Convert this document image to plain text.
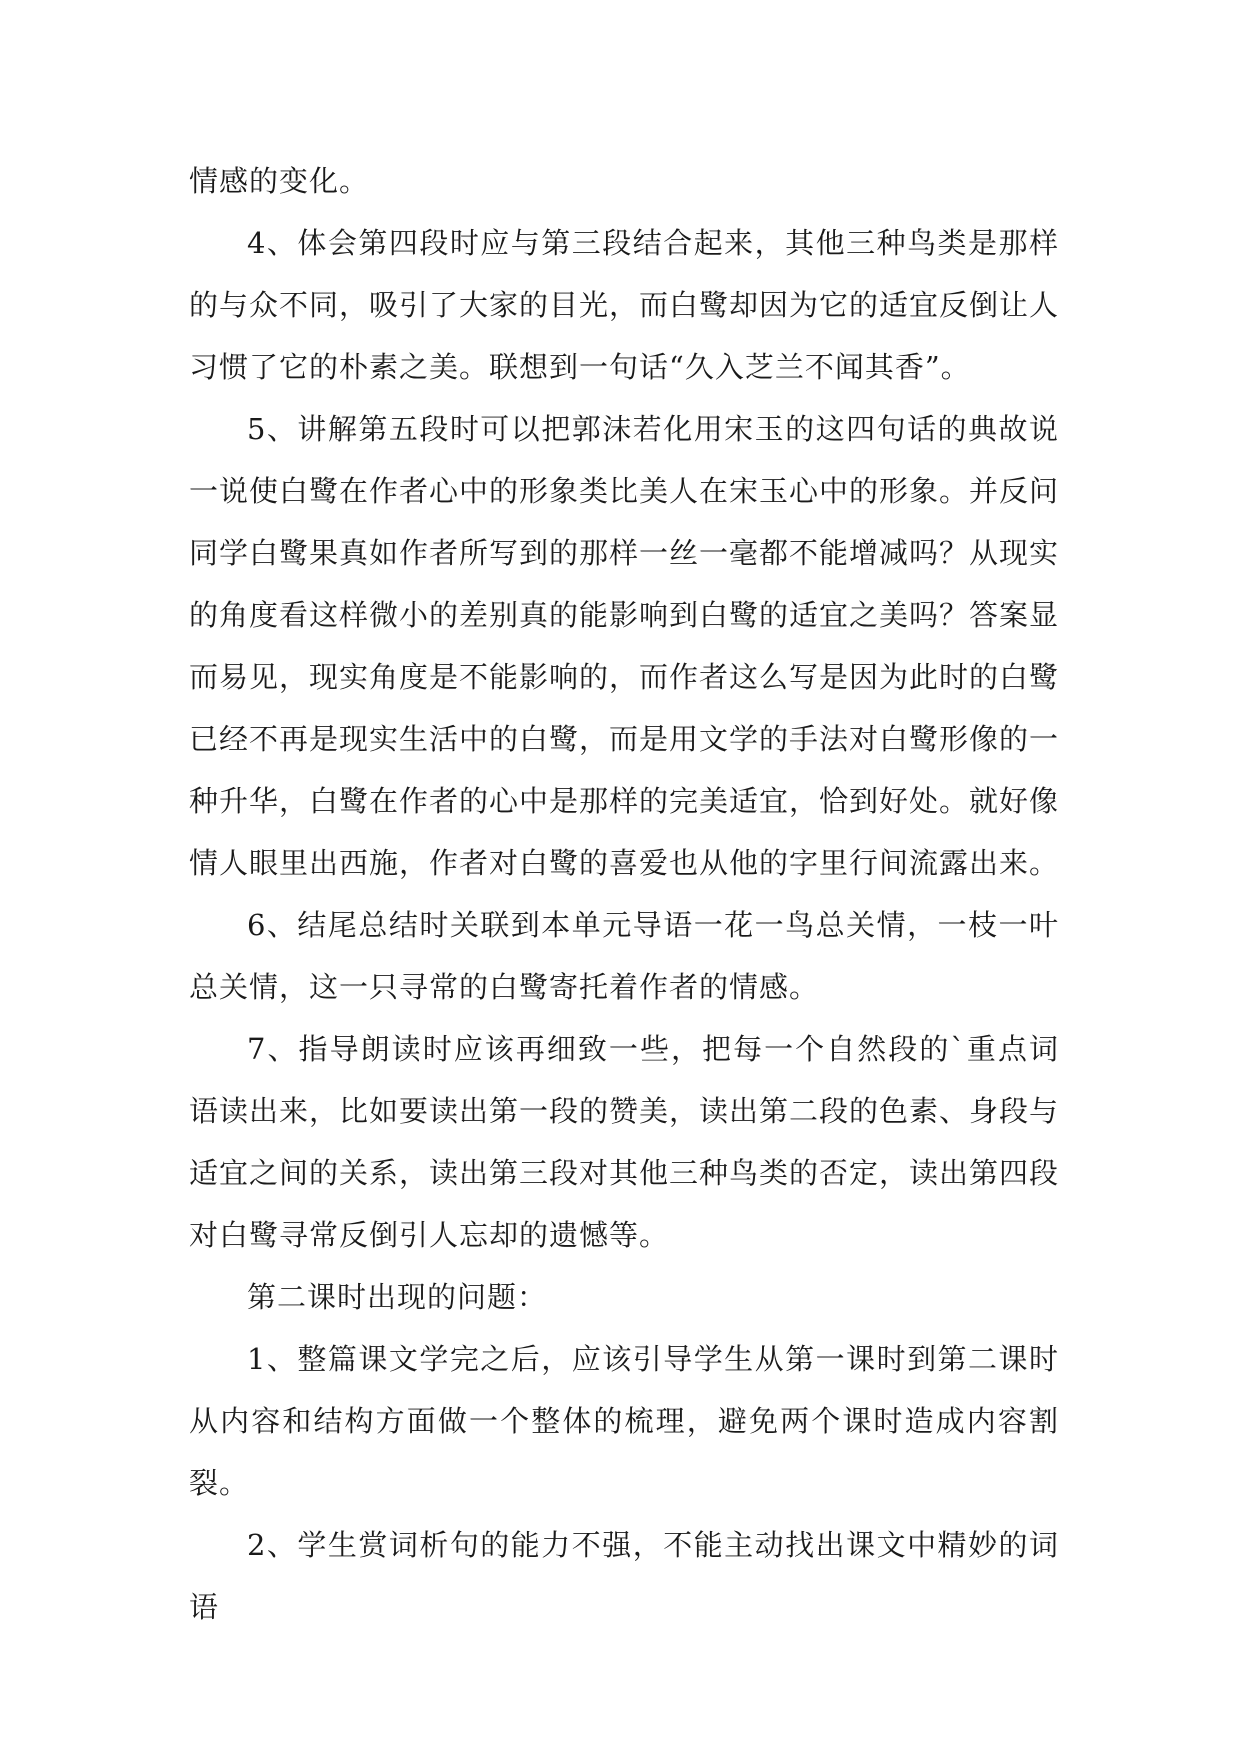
情感的变化。

4、体会第四段时应与第三段结合起来，其他三种鸟类是那样的与众不同，吸引了大家的目光，而白鹭却因为它的适宜反倒让人习惯了它的朴素之美。联想到一句话“久入芝兰不闻其香”。

5、讲解第五段时可以把郭沫若化用宋玉的这四句话的典故说一说使白鹭在作者心中的形象类比美人在宋玉心中的形象。并反问同学白鹭果真如作者所写到的那样一丝一毫都不能增减吗？从现实的角度看这样微小的差别真的能影响到白鹭的适宜之美吗？答案显而易见，现实角度是不能影响的，而作者这么写是因为此时的白鹭已经不再是现实生活中的白鹭，而是用文学的手法对白鹭形像的一种升华，白鹭在作者的心中是那样的完美适宜，恰到好处。就好像情人眼里出西施，作者对白鹭的喜爱也从他的字里行间流露出来。

6、结尾总结时关联到本单元导语一花一鸟总关情，一枝一叶总关情，这一只寻常的白鹭寄托着作者的情感。

7、指导朗读时应该再细致一些，把每一个自然段的`重点词语读出来，比如要读出第一段的赞美，读出第二段的色素、身段与适宜之间的关系，读出第三段对其他三种鸟类的否定，读出第四段对白鹭寻常反倒引人忘却的遗憾等。

第二课时出现的问题：

1、整篇课文学完之后，应该引导学生从第一课时到第二课时从内容和结构方面做一个整体的梳理，避免两个课时造成内容割裂。

2、学生赏词析句的能力不强，不能主动找出课文中精妙的词语
